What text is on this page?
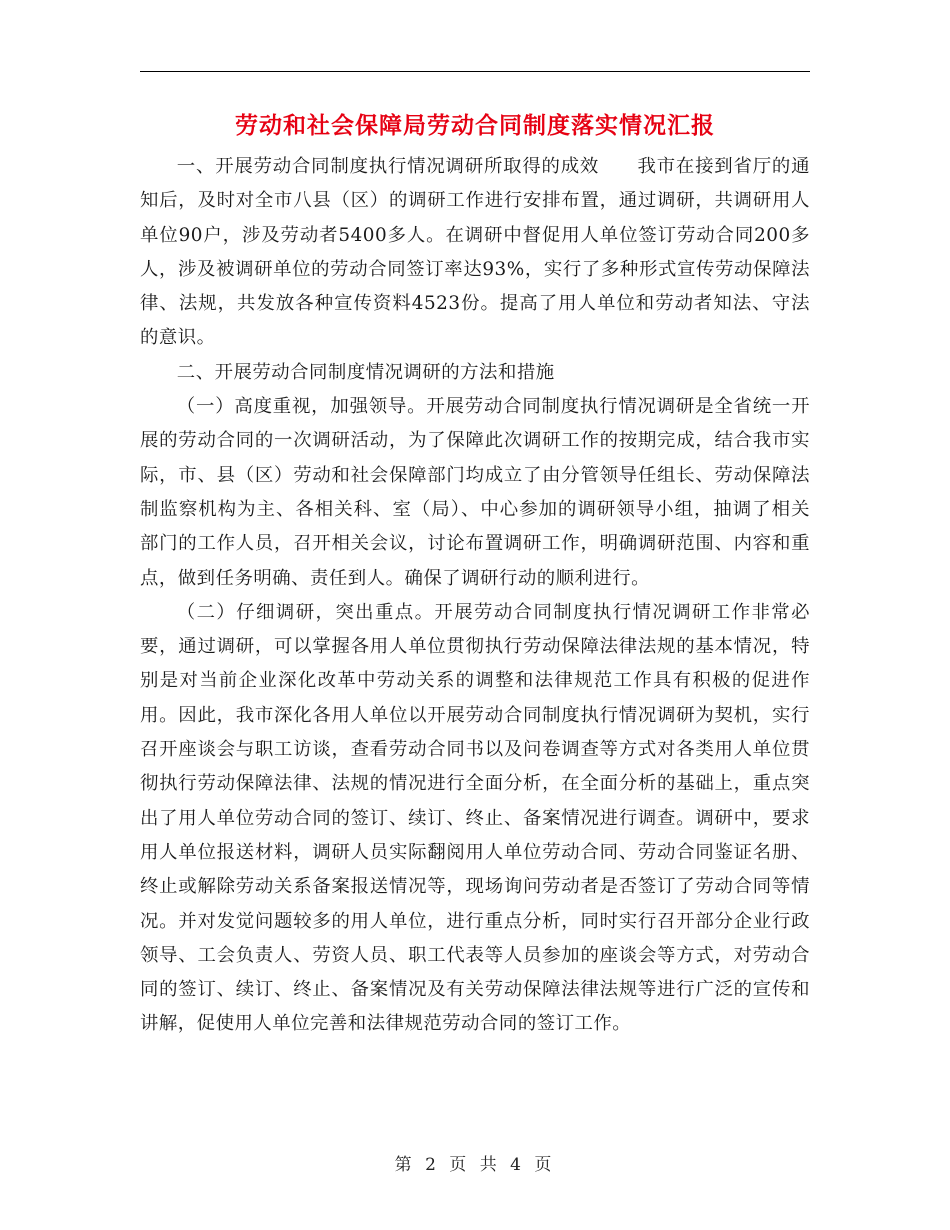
劳动和社会保障局劳动合同制度落实情况汇报

一、开展劳动合同制度执行情况调研所取得的成效　　我市在接到省厅的通知后，及时对全市八县（区）的调研工作进行安排布置，通过调研，共调研用人单位90户，涉及劳动者5400多人。在调研中督促用人单位签订劳动合同200多人，涉及被调研单位的劳动合同签订率达93%，实行了多种形式宣传劳动保障法律、法规，共发放各种宣传资料4523份。提高了用人单位和劳动者知法、守法的意识。

二、开展劳动合同制度情况调研的方法和措施

（一）高度重视，加强领导。开展劳动合同制度执行情况调研是全省统一开展的劳动合同的一次调研活动，为了保障此次调研工作的按期完成，结合我市实际，市、县（区）劳动和社会保障部门均成立了由分管领导任组长、劳动保障法制监察机构为主、各相关科、室（局）、中心参加的调研领导小组，抽调了相关部门的工作人员，召开相关会议，讨论布置调研工作，明确调研范围、内容和重点，做到任务明确、责任到人。确保了调研行动的顺利进行。

（二）仔细调研，突出重点。开展劳动合同制度执行情况调研工作非常必要，通过调研，可以掌握各用人单位贯彻执行劳动保障法律法规的基本情况，特别是对当前企业深化改革中劳动关系的调整和法律规范工作具有积极的促进作用。因此，我市深化各用人单位以开展劳动合同制度执行情况调研为契机，实行召开座谈会与职工访谈，查看劳动合同书以及问卷调查等方式对各类用人单位贯彻执行劳动保障法律、法规的情况进行全面分析，在全面分析的基础上，重点突出了用人单位劳动合同的签订、续订、终止、备案情况进行调查。调研中，要求用人单位报送材料，调研人员实际翻阅用人单位劳动合同、劳动合同鉴证名册、终止或解除劳动关系备案报送情况等，现场询问劳动者是否签订了劳动合同等情况。并对发觉问题较多的用人单位，进行重点分析，同时实行召开部分企业行政领导、工会负责人、劳资人员、职工代表等人员参加的座谈会等方式，对劳动合同的签订、续订、终止、备案情况及有关劳动保障法律法规等进行广泛的宣传和讲解，促使用人单位完善和法律规范劳动合同的签订工作。

第 2 页 共 4 页
